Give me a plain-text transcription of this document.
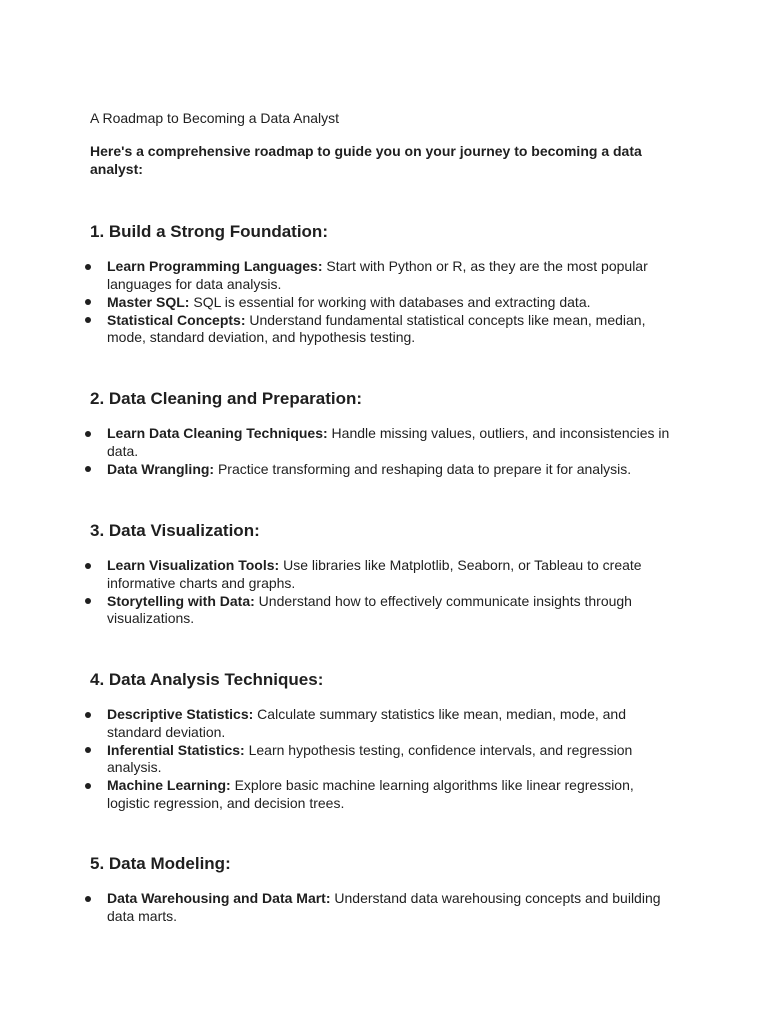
A Roadmap to Becoming a Data Analyst

Here's a comprehensive roadmap to guide you on your journey to becoming a data analyst:

1. Build a Strong Foundation:
Learn Programming Languages: Start with Python or R, as they are the most popular languages for data analysis.
Master SQL: SQL is essential for working with databases and extracting data.
Statistical Concepts: Understand fundamental statistical concepts like mean, median, mode, standard deviation, and hypothesis testing.
2. Data Cleaning and Preparation:
Learn Data Cleaning Techniques: Handle missing values, outliers, and inconsistencies in data.
Data Wrangling: Practice transforming and reshaping data to prepare it for analysis.
3. Data Visualization:
Learn Visualization Tools: Use libraries like Matplotlib, Seaborn, or Tableau to create informative charts and graphs.
Storytelling with Data: Understand how to effectively communicate insights through visualizations.
4. Data Analysis Techniques:
Descriptive Statistics: Calculate summary statistics like mean, median, mode, and standard deviation.
Inferential Statistics: Learn hypothesis testing, confidence intervals, and regression analysis.
Machine Learning: Explore basic machine learning algorithms like linear regression, logistic regression, and decision trees.
5. Data Modeling:
Data Warehousing and Data Mart: Understand data warehousing concepts and building data marts.
